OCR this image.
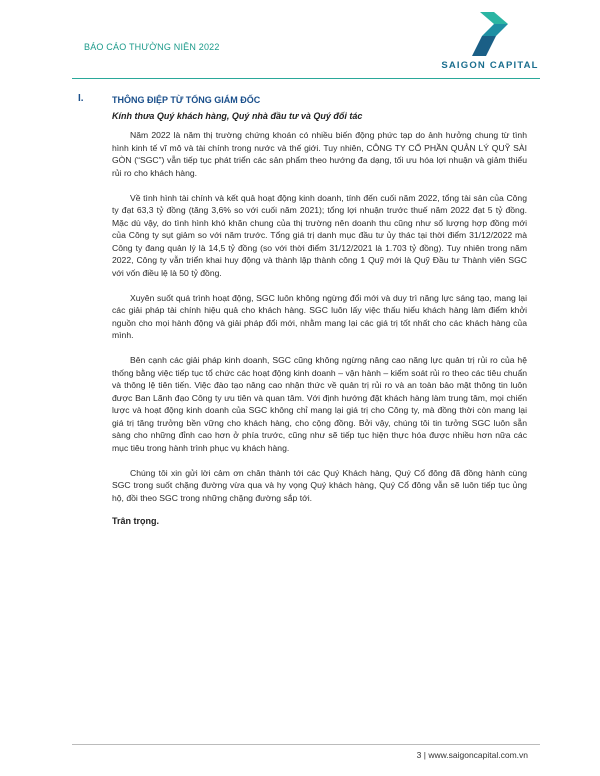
BÁO CÁO THƯỜNG NIÊN 2022
SAIGON CAPITAL
I.	THÔNG ĐIỆP TỪ TỔNG GIÁM ĐỐC
Kính thưa Quý khách hàng, Quý nhà đầu tư và Quý đối tác

Năm 2022 là năm thị trường chứng khoán có nhiều biến động phức tạp do ảnh hưởng chung từ tình hình kinh tế vĩ mô và tài chính trong nước và thế giới. Tuy nhiên, CÔNG TY CỔ PHẦN QUẢN LÝ QUỸ SÀI GÒN (“SGC”) vẫn tiếp tục phát triển các sản phẩm theo hướng đa dạng, tối ưu hóa lợi nhuận và giảm thiểu rủi ro cho khách hàng.

Về tình hình tài chính và kết quả hoạt động kinh doanh, tính đến cuối năm 2022, tổng tài sản của Công ty đạt 63,3 tỷ đồng (tăng 3,6% so với cuối năm 2021); tổng lợi nhuận trước thuế năm 2022 đạt 5 tỷ đồng. Mặc dù vậy, do tình hình khó khăn chung của thị trường nên doanh thu cũng như số lượng hợp đồng mới của Công ty sụt giảm so với năm trước. Tổng giá trị danh mục đầu tư ủy thác tại thời điểm 31/12/2022 mà Công ty đang quản lý là 14,5 tỷ đồng (so với thời điểm 31/12/2021 là 1.703 tỷ đồng). Tuy nhiên trong năm 2022, Công ty vẫn triển khai huy động và thành lập thành công 1 Quỹ mới là Quỹ Đầu tư Thành viên SGC với vốn điều lệ là 50 tỷ đồng.

Xuyên suốt quá trình hoạt động, SGC luôn không ngừng đổi mới và duy trì năng lực sáng tạo, mang lại các giải pháp tài chính hiệu quả cho khách hàng. SGC luôn lấy việc thấu hiểu khách hàng làm điểm khởi nguồn cho mọi hành động và giải pháp đổi mới, nhằm mang lại các giá trị tốt nhất cho các khách hàng của mình.

Bên cạnh các giải pháp kinh doanh, SGC cũng không ngừng nâng cao năng lực quản trị rủi ro của hệ thống bằng việc tiếp tục tổ chức các hoạt động kinh doanh – vận hành – kiểm soát rủi ro theo các tiêu chuẩn và thông lệ tiên tiến. Việc đào tạo nâng cao nhận thức về quản trị rủi ro và an toàn bảo mật thông tin luôn được Ban Lãnh đạo Công ty ưu tiên và quan tâm. Với định hướng đặt khách hàng làm trung tâm, mọi chiến lược và hoạt động kinh doanh của SGC không chỉ mang lại giá trị cho Công ty, mà đồng thời còn mang lại giá trị tăng trưởng bền vững cho khách hàng, cho cộng đồng. Bởi vậy, chúng tôi tin tưởng SGC luôn sẵn sàng cho những đỉnh cao hơn ở phía trước, cũng như sẽ tiếp tục hiện thực hóa được nhiều hơn nữa các mục tiêu trong hành trình phục vụ khách hàng.

Chúng tôi xin gửi lời cảm ơn chân thành tới các Quý Khách hàng, Quý Cổ đông đã đồng hành cùng SGC trong suốt chặng đường vừa qua và hy vọng Quý khách hàng, Quý Cổ đông vẫn sẽ luôn tiếp tục ủng hộ, đồi theo SGC trong những chặng đường sắp tới.

Trân trọng.
3 | www.saigoncapital.com.vn
